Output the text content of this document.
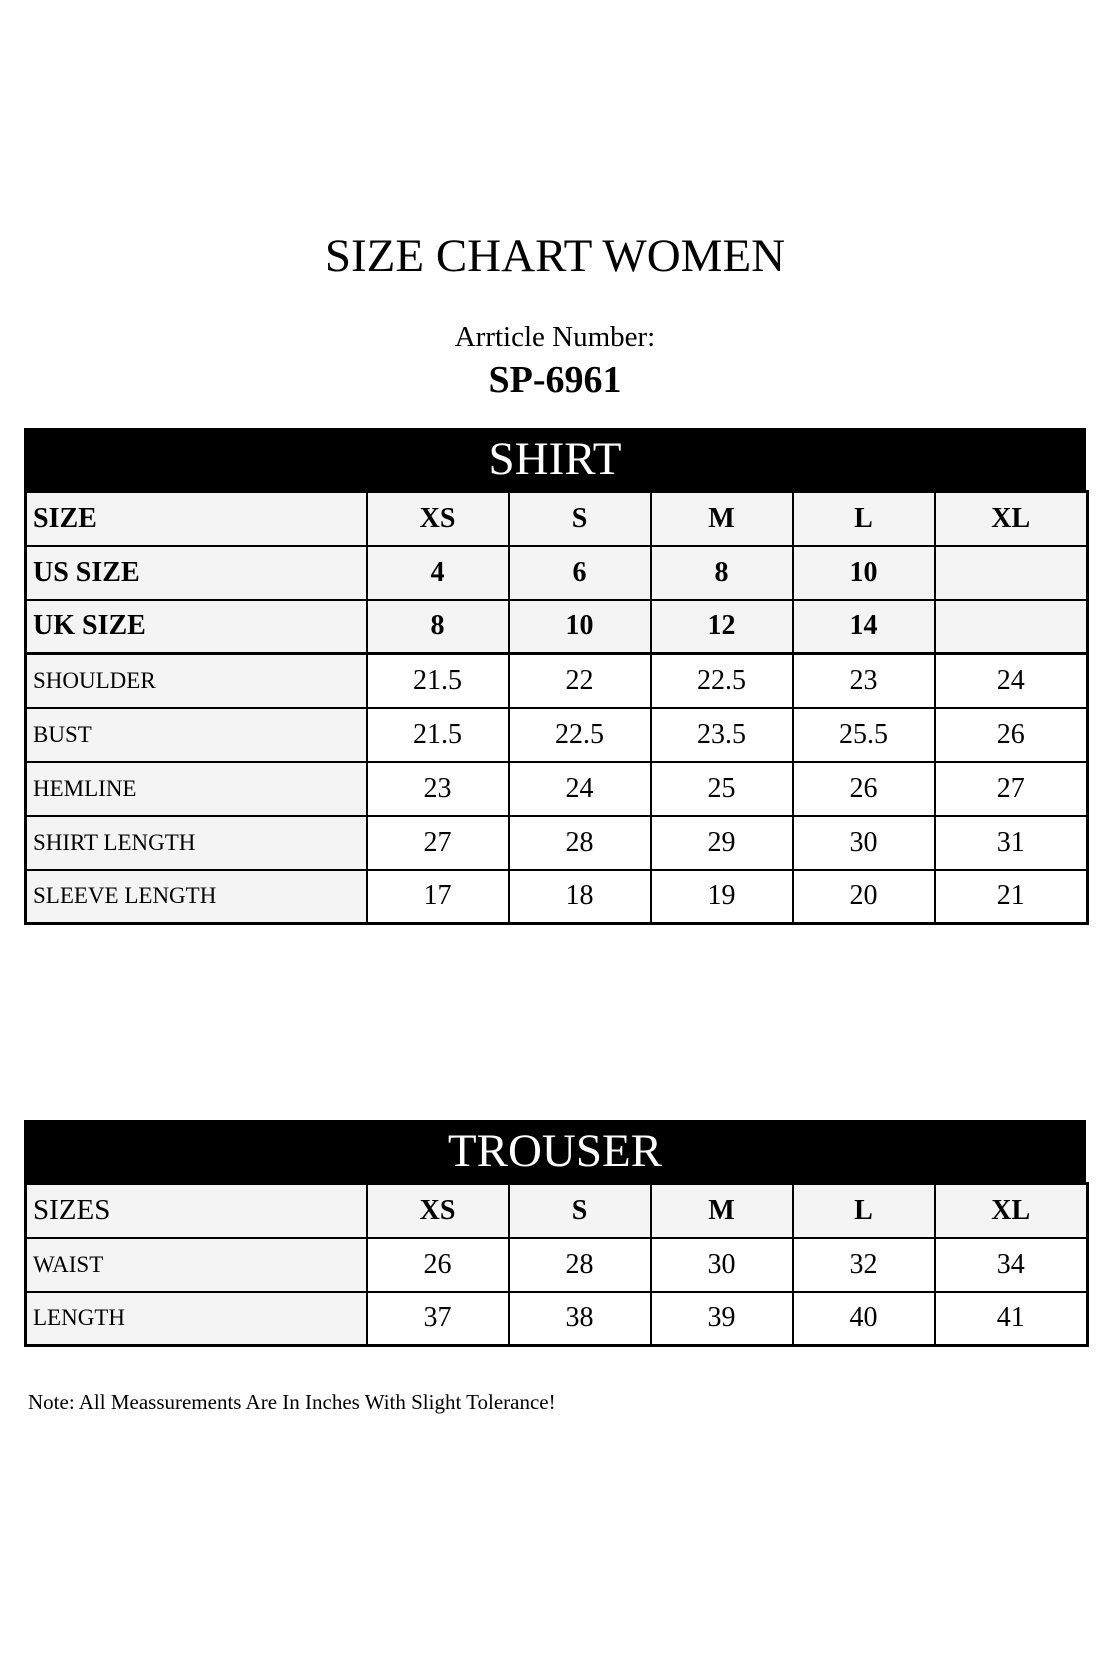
SIZE CHART WOMEN
Arrticle Number:
SP-6961
SHIRT
SIZE	XS	S	M	L	XL
US SIZE	4	6	8	10	
UK SIZE	8	10	12	14	
SHOULDER	21.5	22	22.5	23	24
BUST	21.5	22.5	23.5	25.5	26
HEMLINE	23	24	25	26	27
SHIRT LENGTH	27	28	29	30	31
SLEEVE LENGTH	17	18	19	20	21
TROUSER
SIZES	XS	S	M	L	XL
WAIST	26	28	30	32	34
LENGTH	37	38	39	40	41
Note: All Meassurements Are In Inches With Slight Tolerance!
